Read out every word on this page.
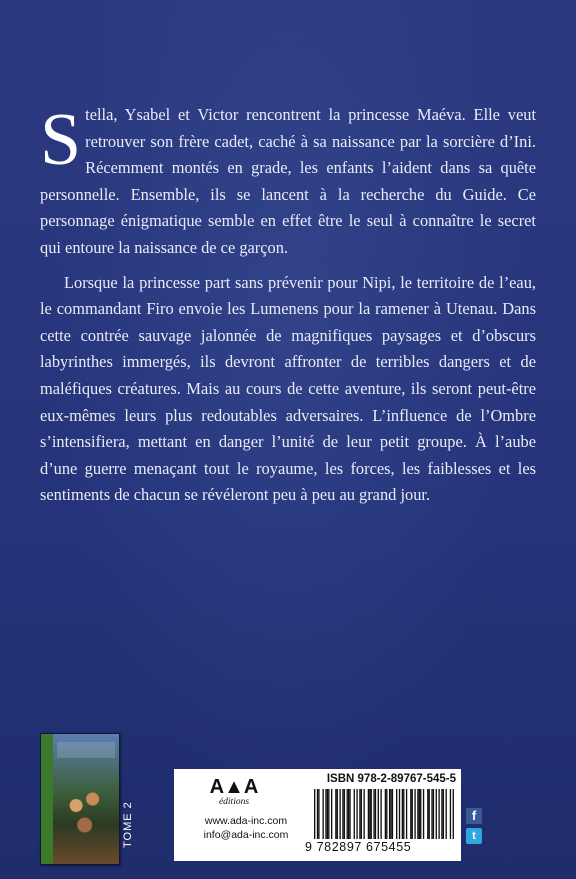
Stella, Ysabel et Victor rencontrent la princesse Maéva. Elle veut retrouver son frère cadet, caché à sa naissance par la sorcière d’Ini. Récemment montés en grade, les enfants l’aident dans sa quête personnelle. Ensemble, ils se lancent à la recherche du Guide. Ce personnage énigmatique semble en effet être le seul à connaître le secret qui entoure la naissance de ce garçon.

Lorsque la princesse part sans prévenir pour Nipi, le territoire de l’eau, le commandant Firo envoie les Lumenens pour la ramener à Utenau. Dans cette contrée sauvage jalonnée de magnifiques paysages et d’obscurs labyrinthes immergés, ils devront affronter de terribles dangers et de maléfiques créatures. Mais au cours de cette aventure, ils seront peut-être eux-mêmes leurs plus redoutables adversaires. L’influence de l’Ombre s’intensifiera, mettant en danger l’unité de leur petit groupe. À l’aube d’une guerre menaçant tout le royaume, les forces, les faiblesses et les sentiments de chacun se révéleront peu à peu au grand jour.

TOME 2
A▲A
éditions
www.ada-inc.com
info@ada-inc.com
ISBN 978-2-89767-545-5
9 782897 675455
f
t
